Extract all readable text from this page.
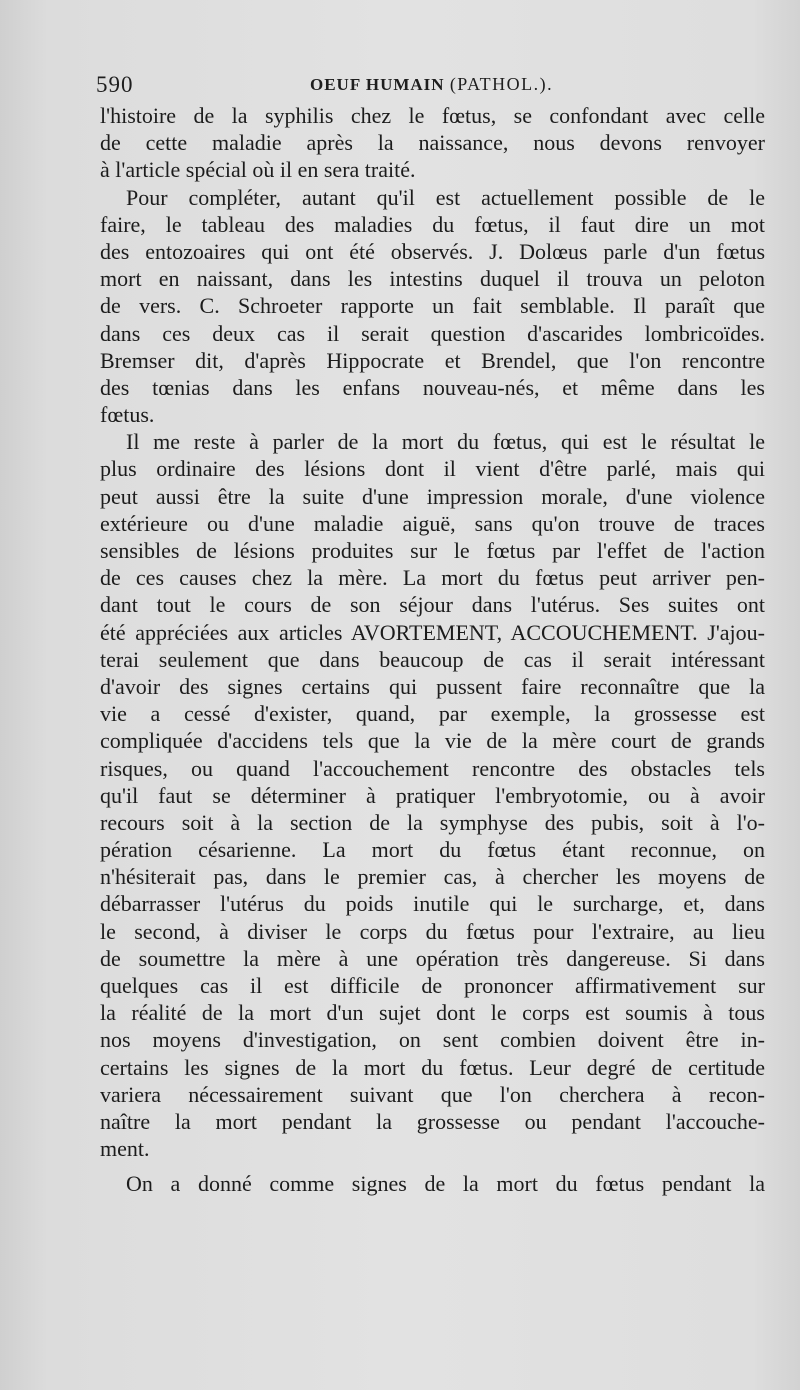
590	OEUF HUMAIN (PATHOL.).
l'histoire de la syphilis chez le fœtus, se confondant avec celle
de cette maladie après la naissance, nous devons renvoyer
à l'article spécial où il en sera traité.
Pour compléter, autant qu'il est actuellement possible de le
faire, le tableau des maladies du fœtus, il faut dire un mot
des entozoaires qui ont été observés. J. Dolœus parle d'un fœtus
mort en naissant, dans les intestins duquel il trouva un peloton
de vers. C. Schroeter rapporte un fait semblable. Il paraît que
dans ces deux cas il serait question d'ascarides lombricoïdes.
Bremser dit, d'après Hippocrate et Brendel, que l'on rencontre
des tœnias dans les enfans nouveau-nés, et même dans les
fœtus.
Il me reste à parler de la mort du fœtus, qui est le résultat le
plus ordinaire des lésions dont il vient d'être parlé, mais qui
peut aussi être la suite d'une impression morale, d'une violence
extérieure ou d'une maladie aiguë, sans qu'on trouve de traces
sensibles de lésions produites sur le fœtus par l'effet de l'action
de ces causes chez la mère. La mort du fœtus peut arriver pen-
dant tout le cours de son séjour dans l'utérus. Ses suites ont
été appréciées aux articles AVORTEMENT, ACCOUCHEMENT. J'ajou-
terai seulement que dans beaucoup de cas il serait intéressant
d'avoir des signes certains qui pussent faire reconnaître que la
vie a cessé d'exister, quand, par exemple, la grossesse est
compliquée d'accidens tels que la vie de la mère court de grands
risques, ou quand l'accouchement rencontre des obstacles tels
qu'il faut se déterminer à pratiquer l'embryotomie, ou à avoir
recours soit à la section de la symphyse des pubis, soit à l'o-
pération césarienne. La mort du fœtus étant reconnue, on
n'hésiterait pas, dans le premier cas, à chercher les moyens de
débarrasser l'utérus du poids inutile qui le surcharge, et, dans
le second, à diviser le corps du fœtus pour l'extraire, au lieu
de soumettre la mère à une opération très dangereuse. Si dans
quelques cas il est difficile de prononcer affirmativement sur
la réalité de la mort d'un sujet dont le corps est soumis à tous
nos moyens d'investigation, on sent combien doivent être in-
certains les signes de la mort du fœtus. Leur degré de certitude
variera nécessairement suivant que l'on cherchera à recon-
naître la mort pendant la grossesse ou pendant l'accouche-
ment.
On a donné comme signes de la mort du fœtus pendant la
